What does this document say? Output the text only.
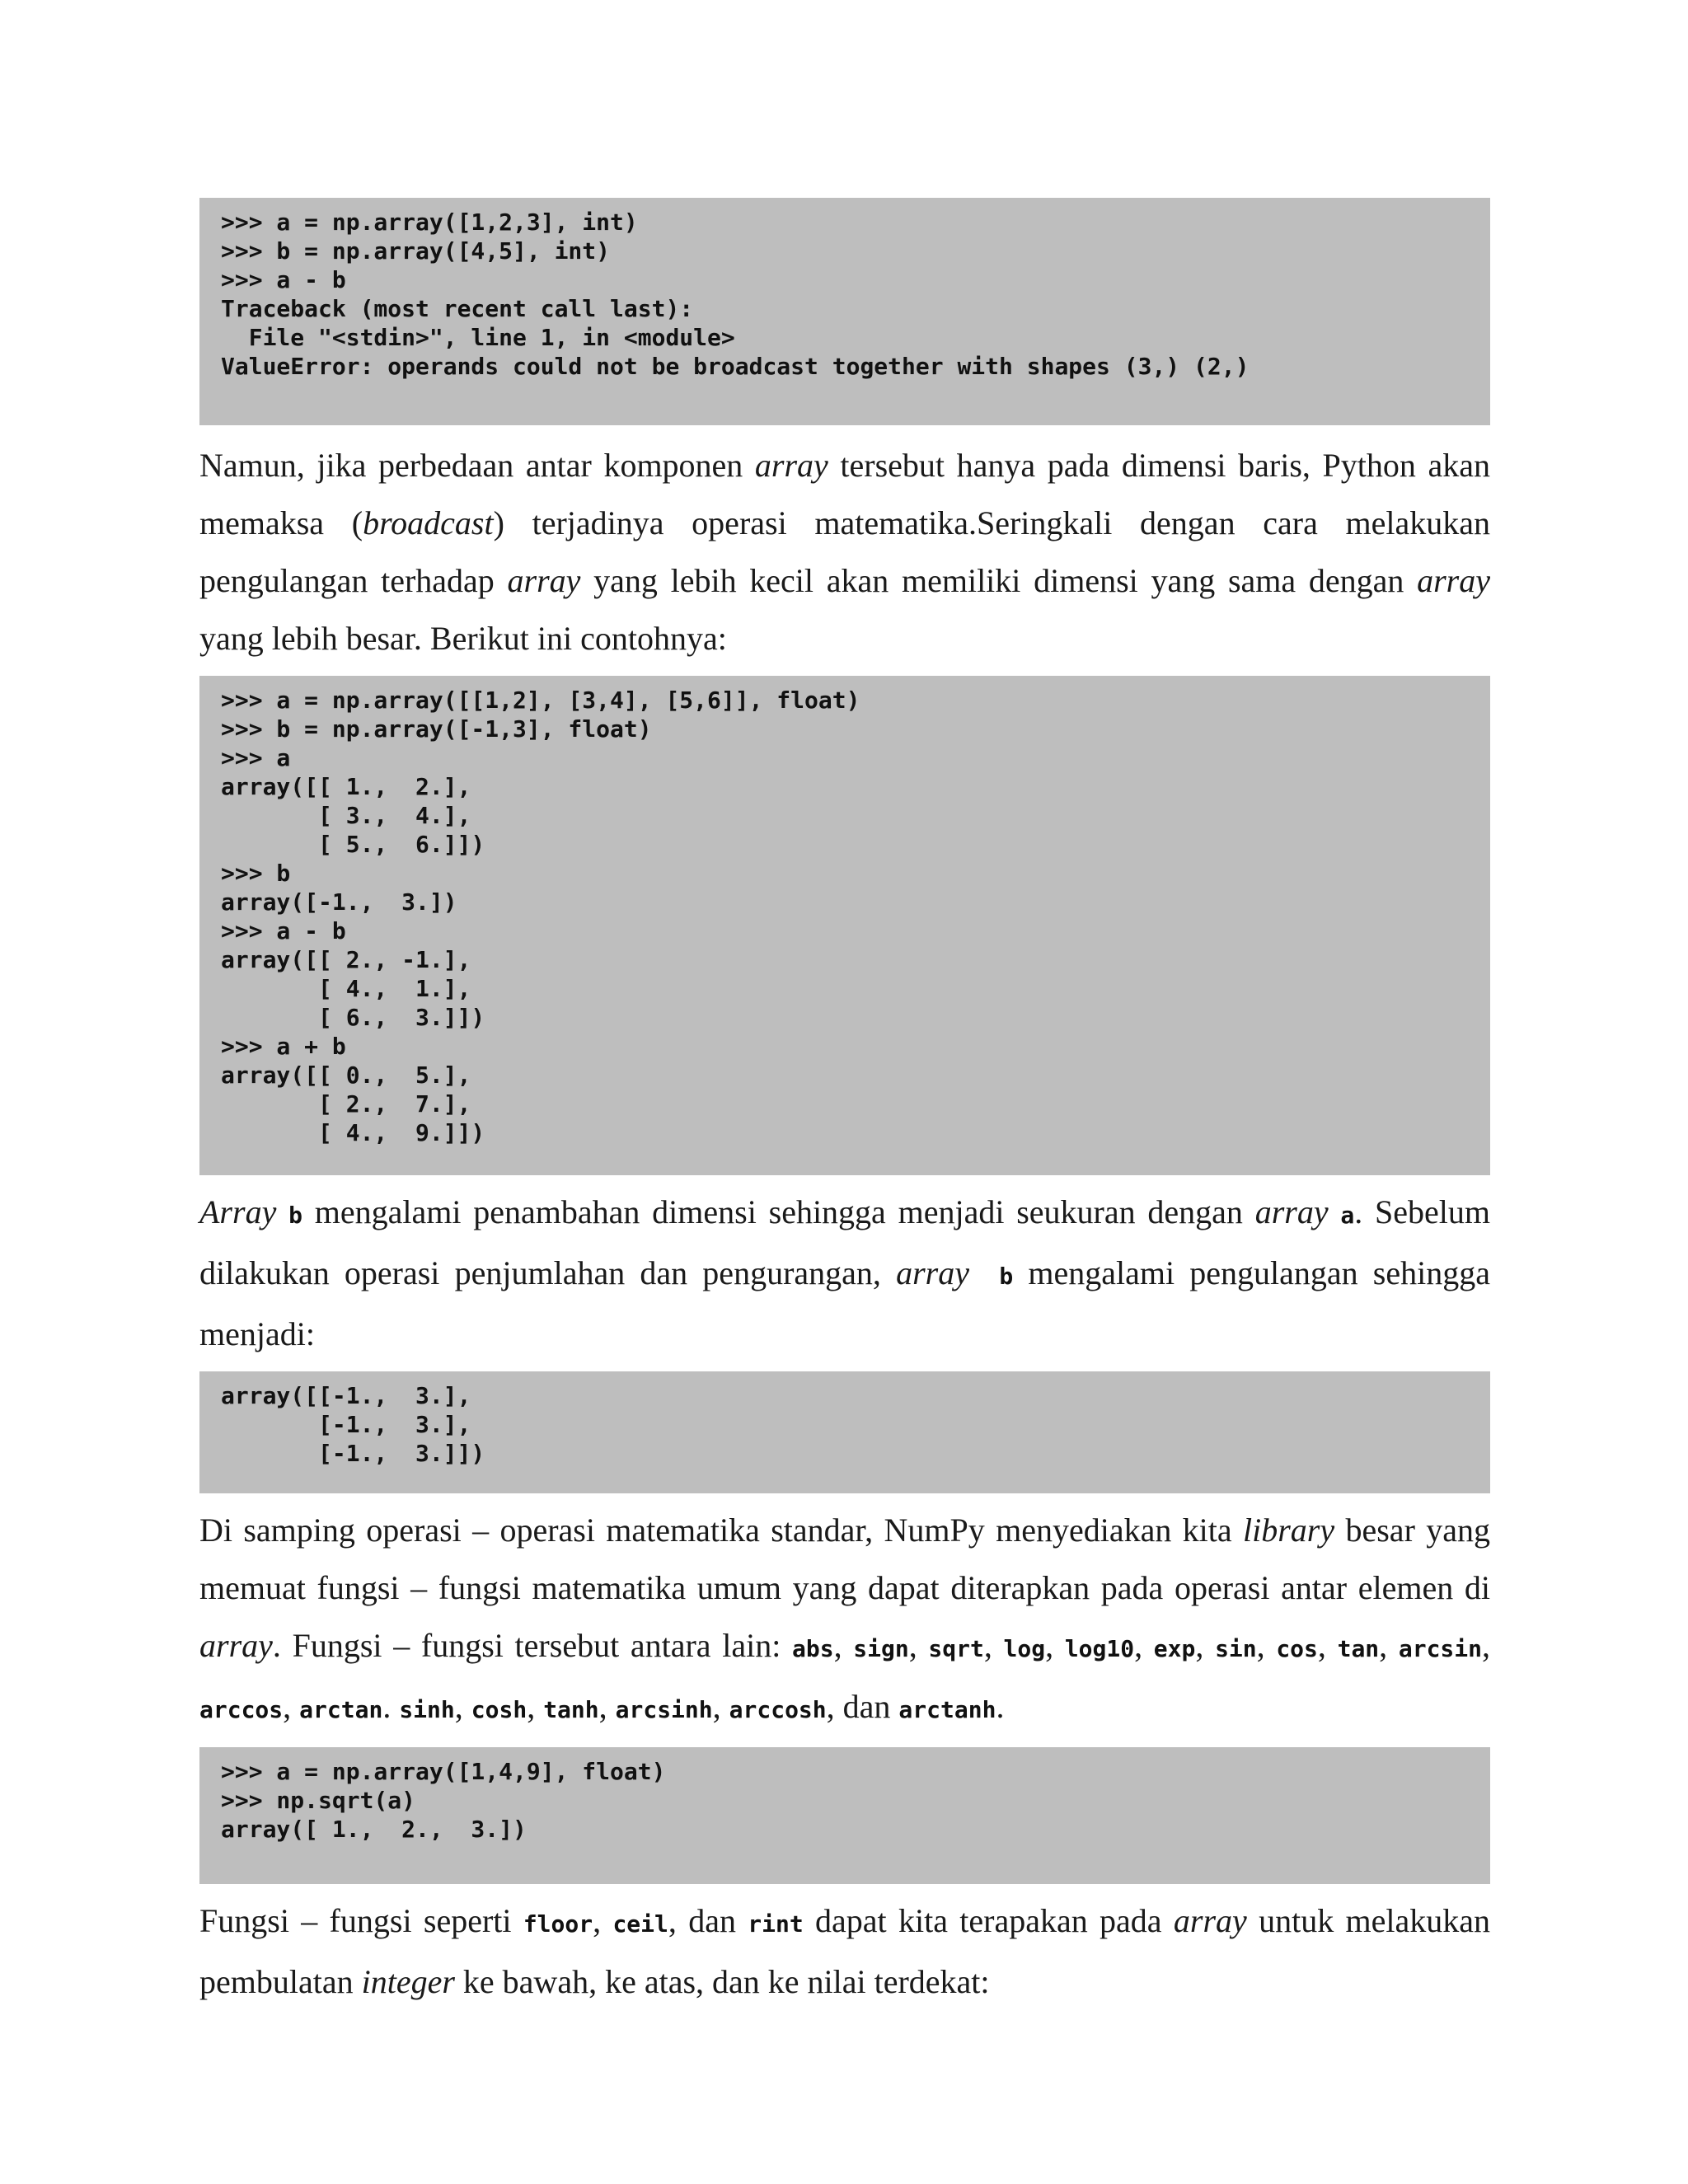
>>> a = np.array([1,2,3], int)
>>> b = np.array([4,5], int)
>>> a - b
Traceback (most recent call last):
File "<stdin>", line 1, in <module>
ValueError: operands could not be broadcast together with shapes (3,) (2,)

Namun, jika perbedaan antar komponen array tersebut hanya pada dimensi baris, Python akan memaksa (broadcast) terjadinya operasi matematika.Seringkali dengan cara melakukan pengulangan terhadap array yang lebih kecil akan memiliki dimensi yang sama dengan array yang lebih besar. Berikut ini contohnya:

>>> a = np.array([[1,2], [3,4], [5,6]], float)
>>> b = np.array([-1,3], float)
>>> a
array([[ 1.,  2.],
[ 3.,  4.],
[ 5.,  6.]])
>>> b
array([-1.,  3.])
>>> a - b
array([[ 2., -1.],
[ 4.,  1.],
[ 6.,  3.]])
>>> a + b
array([[ 0.,  5.],
[ 2.,  7.],
[ 4.,  9.]])

Array b mengalami penambahan dimensi sehingga menjadi seukuran dengan array a. Sebelum dilakukan operasi penjumlahan dan pengurangan, array b mengalami pengulangan sehingga menjadi:

array([[-1.,  3.],
[-1.,  3.],
[-1.,  3.]])

Di samping operasi – operasi matematika standar, NumPy menyediakan kita library besar yang memuat fungsi – fungsi matematika umum yang dapat diterapkan pada operasi antar elemen di array. Fungsi – fungsi tersebut antara lain: abs, sign, sqrt, log, log10, exp, sin, cos, tan, arcsin, arccos, arctan. sinh, cosh, tanh, arcsinh, arccosh, dan arctanh.

>>> a = np.array([1,4,9], float)
>>> np.sqrt(a)
array([ 1.,  2.,  3.])

Fungsi – fungsi seperti floor, ceil, dan rint dapat kita terapakan pada array untuk melakukan pembulatan integer ke bawah, ke atas, dan ke nilai terdekat:
